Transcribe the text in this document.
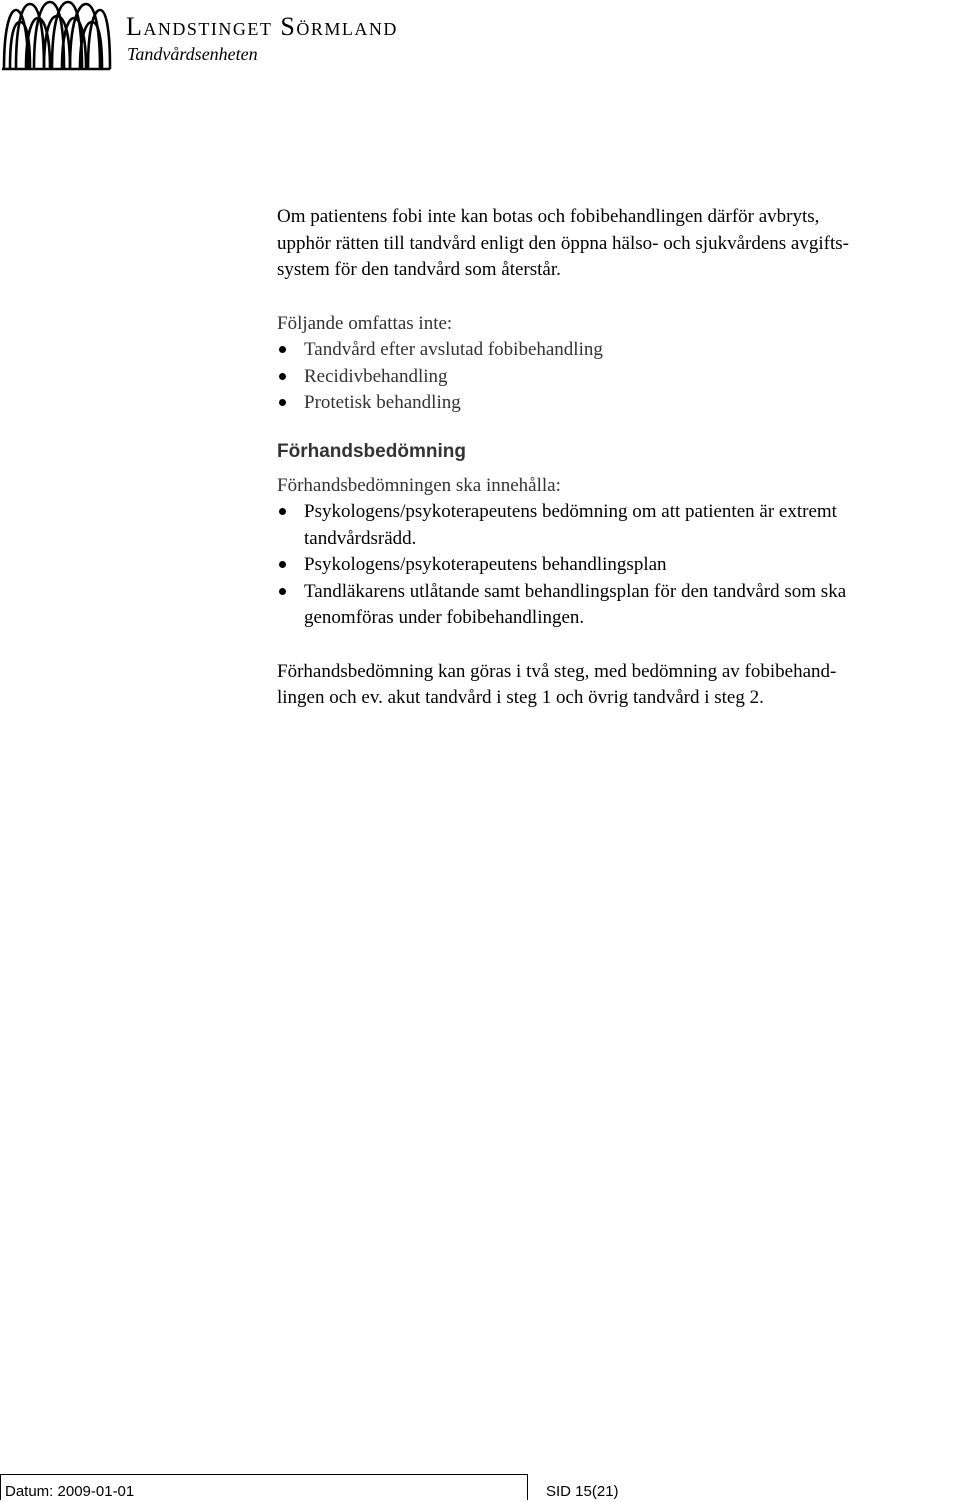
Landstinget Sörmland
Tandvårdsenheten

Om patientens fobi inte kan botas och fobibehandlingen därför avbryts,
upphör rätten till tandvård enligt den öppna hälso- och sjukvårdens avgifts-
system för den tandvård som återstår.

Följande omfattas inte:

Tandvård efter avslutad fobibehandling
Recidivbehandling
Protetisk behandling
Förhandsbedömning

Förhandsbedömningen ska innehålla:

Psykologens/psykoterapeutens bedömning om att patienten är extremt
tandvårdsrädd.
Psykologens/psykoterapeutens behandlingsplan
Tandläkarens utlåtande samt behandlingsplan för den tandvård som ska
genomföras under fobibehandlingen.

Förhandsbedömning kan göras i två steg, med bedömning av fobibehand-
lingen och ev. akut tandvård i steg 1 och övrig tandvård i steg 2.

Datum: 2009-01-01	SID 15(21)
